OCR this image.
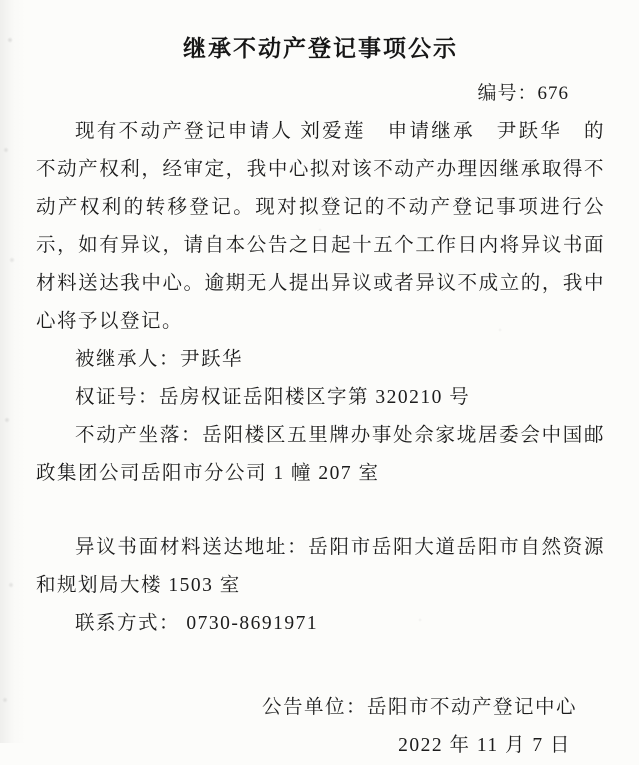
继承不动产登记事项公示
编号：676

现有不动产登记申请人 刘爱莲　申请继承　尹跃华　的不动产权利，经审定，我中心拟对该不动产办理因继承取得不动产权利的转移登记。现对拟登记的不动产登记事项进行公示，如有异议，请自本公告之日起十五个工作日内将异议书面材料送达我中心。逾期无人提出异议或者异议不成立的，我中心将予以登记。

被继承人：尹跃华

权证号：岳房权证岳阳楼区字第 320210 号

不动产坐落：岳阳楼区五里牌办事处佘家垅居委会中国邮政集团公司岳阳市分公司 1 幢 207 室

异议书面材料送达地址：岳阳市岳阳大道岳阳市自然资源和规划局大楼 1503 室

联系方式： 0730-8691971

公告单位：岳阳市不动产登记中心

2022 年 11 月 7 日
